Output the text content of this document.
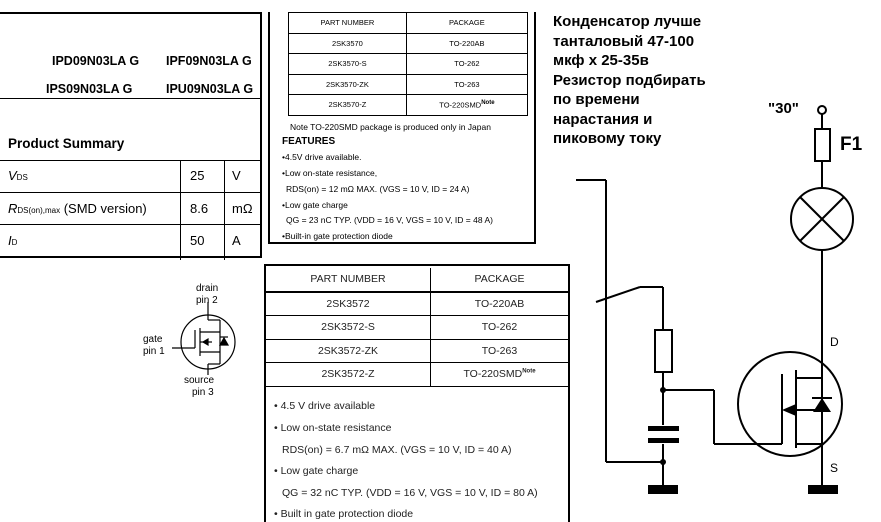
IPD09N03LA G IPF09N03LA G
IPS09N03LA G	IPU09N03LA G
Product Summary
VDS	25 V
RDS(on),max (SMD version)	8.6 mΩ
ID	50 A
PART NUMBER	PACKAGE
2SK3570	TO-220AB
2SK3570-S	TO-262
2SK3570-ZK	TO-263
2SK3570-Z	$TO-220SMD^{Note}$
Note TO-220SMD package is produced only in Japan
FEATURES
•4.5V drive available.
•Low on-state resistance,
RDS(on) = 12 mΩ MAX. (VGS = 10 V, ID = 24 A)
•Low gate charge
QG = 23 nC TYP. (VDD = 16 V, VGS = 10 V, ID = 48 A)
•Built-in gate protection diode
PART NUMBER	PACKAGE
2SK3572	TO-220AB
2SK3572-S	TO-262
2SK3572-ZK	TO-263
2SK3572-Z	$TO-220SMD^{Note}$
• 4.5 V drive available
• Low on-state resistance
RDS(on) = 6.7 mΩ MAX. (VGS = 10 V, ID = 40 A)
• Low gate charge
QG = 32 nC TYP. (VDD = 16 V, VGS = 10 V, ID = 80 A)
• Built in gate protection diode
Конденсатор лучше
танталовый 47-100
мкф х 25-35в
Резистор подбирать
по времени
нарастания и
пиковому току
drain
pin 2
gate
pin 1
source
pin 3
"30"
F1
D
S
